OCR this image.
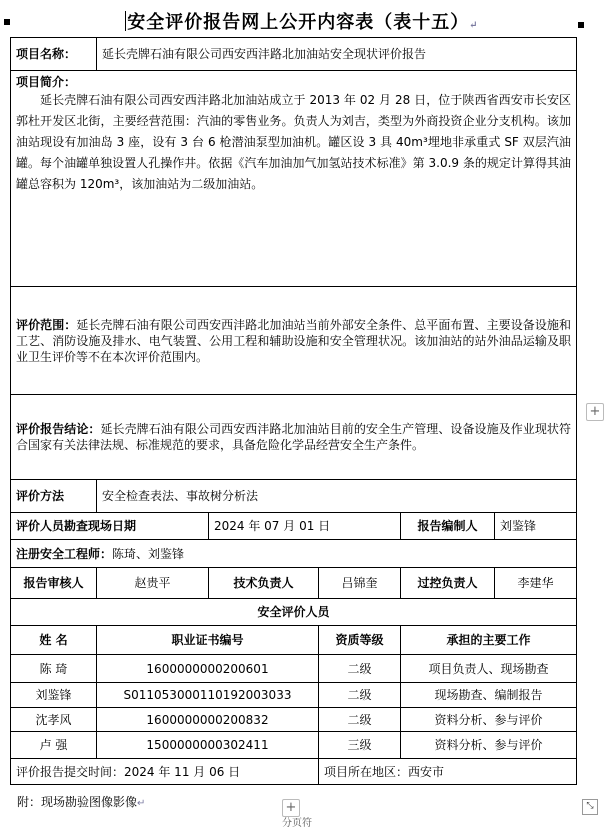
安全评价报告网上公开内容表（表十五）↵
项目名称：	延长壳牌石油有限公司西安西沣路北加油站安全现状评价报告				

项目简介：
延长壳牌石油有限公司西安西沣路北加油站成立于 2013 年 02 月 28 日，位于陕西省西安市长安区郭杜开发区北街，主要经营范围：汽油的零售业务。负责人为刘吉，类型为外商投资企业分支机构。该加油站现设有加油岛 3 座，设有 3 台 6 枪潜油泵型加油机。罐区设 3 具 40m³埋地非承重式 SF 双层汽油罐。每个油罐单独设置人孔操作井。依据《汽车加油加气加氢站技术标准》第 3.0.9 条的规定计算得其油罐总容积为 120m³，该加油站为二级加油站。					

评价范围：延长壳牌石油有限公司西安西沣路北加油站当前外部安全条件、总平面布置、主要设备设施和工艺、消防设施及排水、电气装置、公用工程和辅助设施和安全管理状况。该加油站的站外油品运输及职业卫生评价等不在本次评价范围内。					
评价报告结论：延长壳牌石油有限公司西安西沣路北加油站目前的安全生产管理、设备设施及作业现状符合国家有关法律法规、标准规范的要求，具备危险化学品经营安全生产条件。					
评价方法	安全检查表法、事故树分析法				
评价人员勘查现场日期		2024 年 07 月 01 日		报告编制人	刘鉴锋
注册安全工程师：陈琦、刘鉴锋					
报告审核人	赵贵平	技术负责人	吕锦奎	过控负责人	李建华
安全评价人员					
姓 名	职业证书编号		资质等级	承担的主要工作	
陈 琦	1600000000200601		二级	项目负责人、现场勘查	
刘鉴锋	S011053000110192003033		二级	现场勘查、编制报告	
沈孝风	1600000000200832		二级	资料分析、参与评价	
卢 强	1500000000302411		三级	资料分析、参与评价	
评价报告提交时间：2024 年 11 月 06 日			项目所在地区：西安市		
附：现场勘验图像影像↵
分页符
+
+	⤡
